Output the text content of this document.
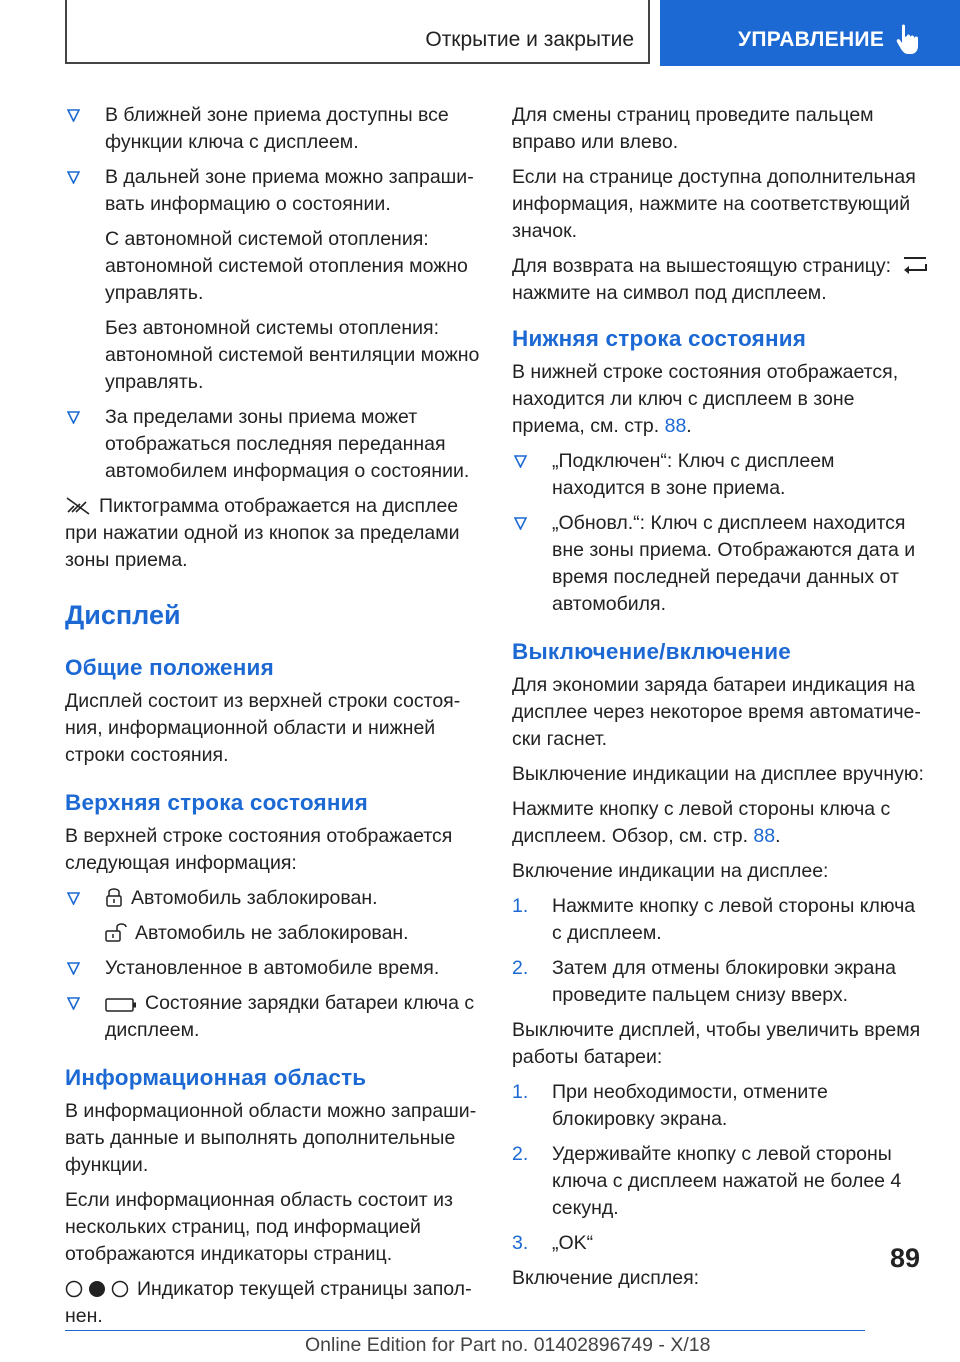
Открытие и закрытие	УПРАВЛЕНИЕ
В ближней зоне приема доступны все функции ключа с дисплеем.
В дальней зоне приема можно запрашивать информацию о состоянии.

С автономной системой отопления: автономной системой отопления можно управлять.

Без автономной системы отопления: автономной системой вентиляции можно управлять.

За пределами зоны приема может отображаться последняя переданная автомобилем информация о состоянии.

Пиктограмма отображается на дисплее при нажатии одной из кнопок за пределами зоны приема.

Дисплей
Общие положения

Дисплей состоит из верхней строки состояния, информационной области и нижней строки состояния.

Верхняя строка состояния

В верхней строке состояния отображается следующая информация:

Автомобиль заблокирован.

Автомобиль не заблокирован.

Установленное в автомобиле время.
Состояние зарядки батареи ключа с дисплеем.
Информационная область

В информационной области можно запрашивать данные и выполнять дополнительные функции.

Если информационная область состоит из нескольких страниц, под информацией отображаются индикаторы страниц.

Индикатор текущей страницы заполнен.

Для смены страниц проведите пальцем вправо или влево.

Если на странице доступна дополнительная информация, нажмите на соответствующий значок.

Для возврата на вышестоящую страницу:
нажмите на символ под дисплеем.

Нижняя строка состояния

В нижней строке состояния отображается, находится ли ключ с дисплеем в зоне приема, см. стр. 88.

„Подключен“: Ключ с дисплеем находится в зоне приема.
„Обновл.“: Ключ с дисплеем находится вне зоны приема. Отображаются дата и время последней передачи данных от автомобиля.
Выключение/включение

Для экономии заряда батареи индикация на дисплее через некоторое время автоматически гаснет.

Выключение индикации на дисплее вручную:

Нажмите кнопку с левой стороны ключа с дисплеем. Обзор, см. стр. 88.

Включение индикации на дисплее:

1. Нажмите кнопку с левой стороны ключа с дисплеем.
2. Затем для отмены блокировки экрана проведите пальцем снизу вверх.

Выключите дисплей, чтобы увеличить время работы батареи:

1. При необходимости, отмените блокировку экрана.
2. Удерживайте кнопку с левой стороны ключа с дисплеем нажатой не более 4 секунд.
3. „OK“

Включение дисплея:

89
Online Edition for Part no. 01402896749 - X/18
